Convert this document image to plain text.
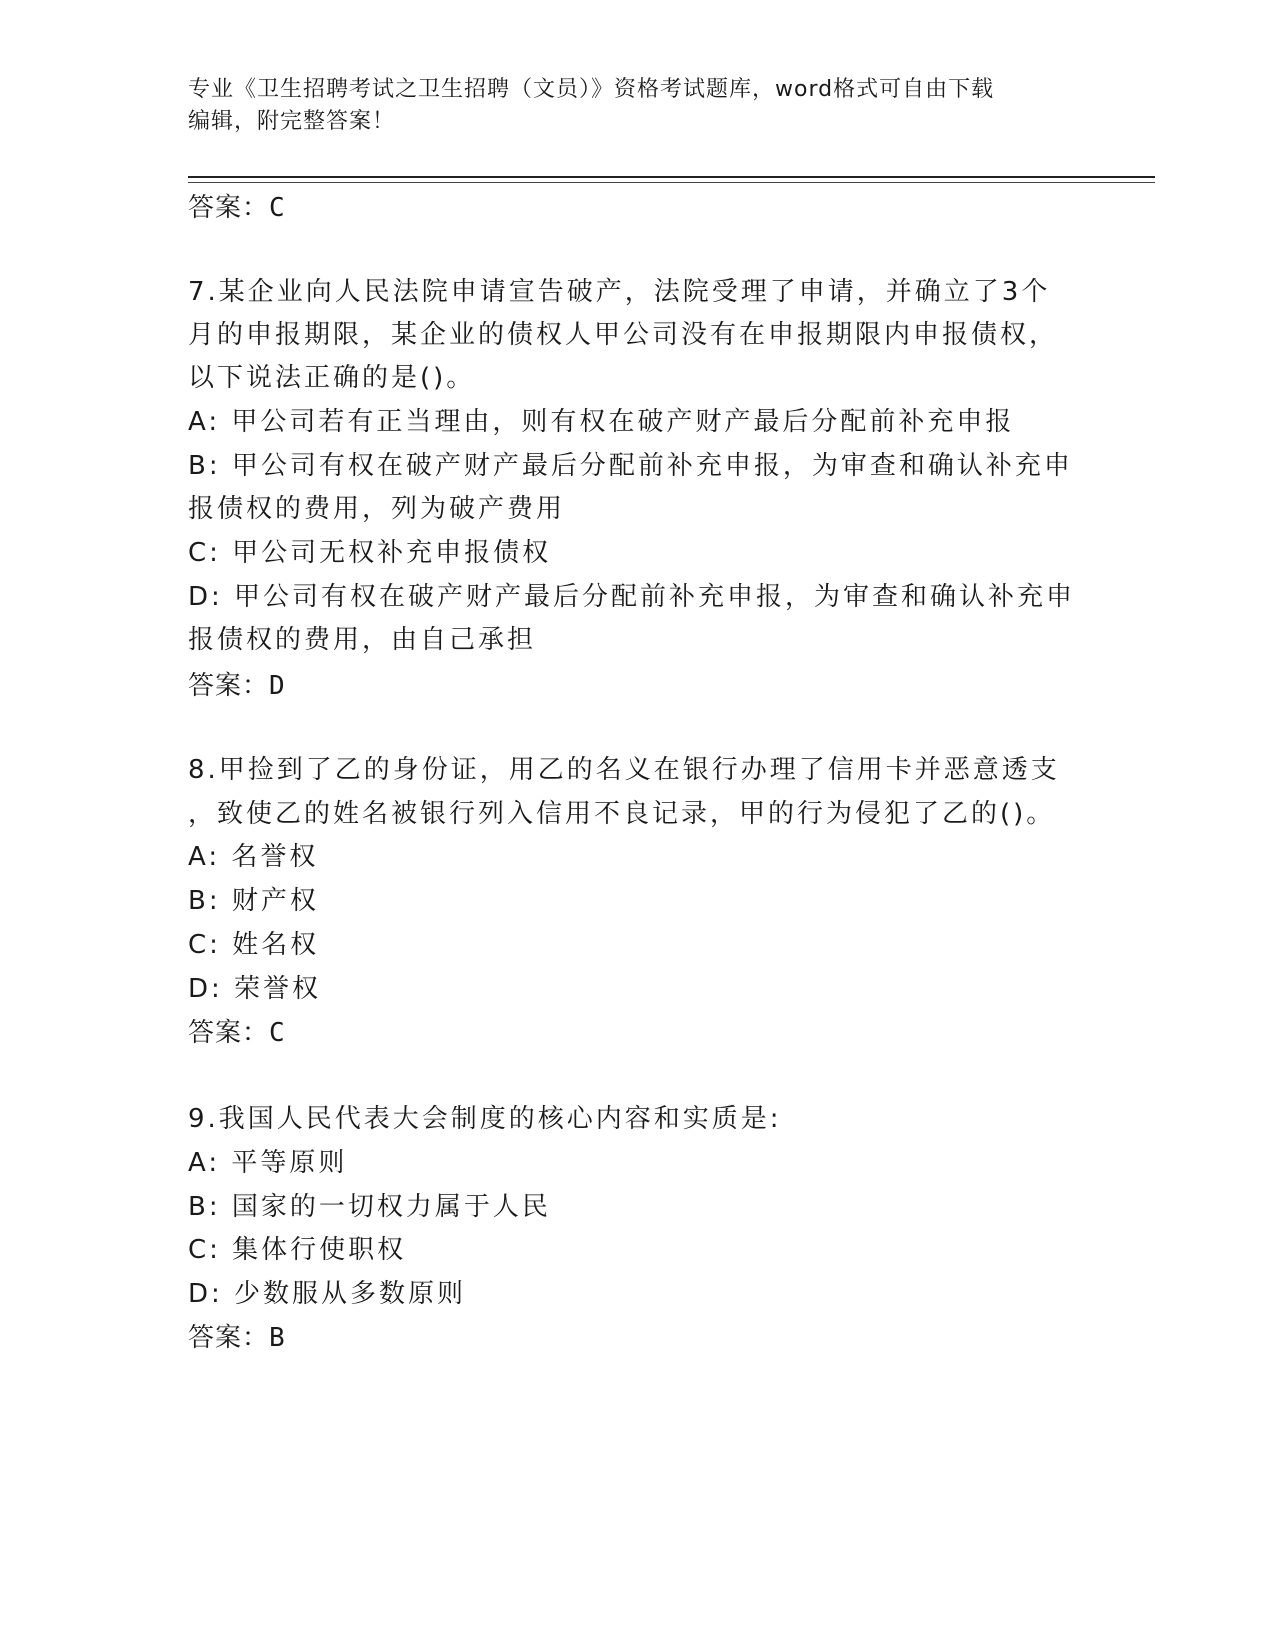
专业《卫生招聘考试之卫生招聘（文员）》资格考试题库，word格式可自由下载
编辑，附完整答案！
答案：C
7.某企业向人民法院申请宣告破产，法院受理了申请，并确立了3个
月的申报期限，某企业的债权人甲公司没有在申报期限内申报债权，
以下说法正确的是()。
A: 甲公司若有正当理由，则有权在破产财产最后分配前补充申报
B: 甲公司有权在破产财产最后分配前补充申报，为审查和确认补充申
报债权的费用，列为破产费用
C: 甲公司无权补充申报债权
D: 甲公司有权在破产财产最后分配前补充申报，为审查和确认补充申
报债权的费用，由自己承担
答案：D
8.甲捡到了乙的身份证，用乙的名义在银行办理了信用卡并恶意透支
，致使乙的姓名被银行列入信用不良记录，甲的行为侵犯了乙的()。
A: 名誉权
B: 财产权
C: 姓名权
D: 荣誉权
答案：C
9.我国人民代表大会制度的核心内容和实质是:
A: 平等原则
B: 国家的一切权力属于人民
C: 集体行使职权
D: 少数服从多数原则
答案：B
